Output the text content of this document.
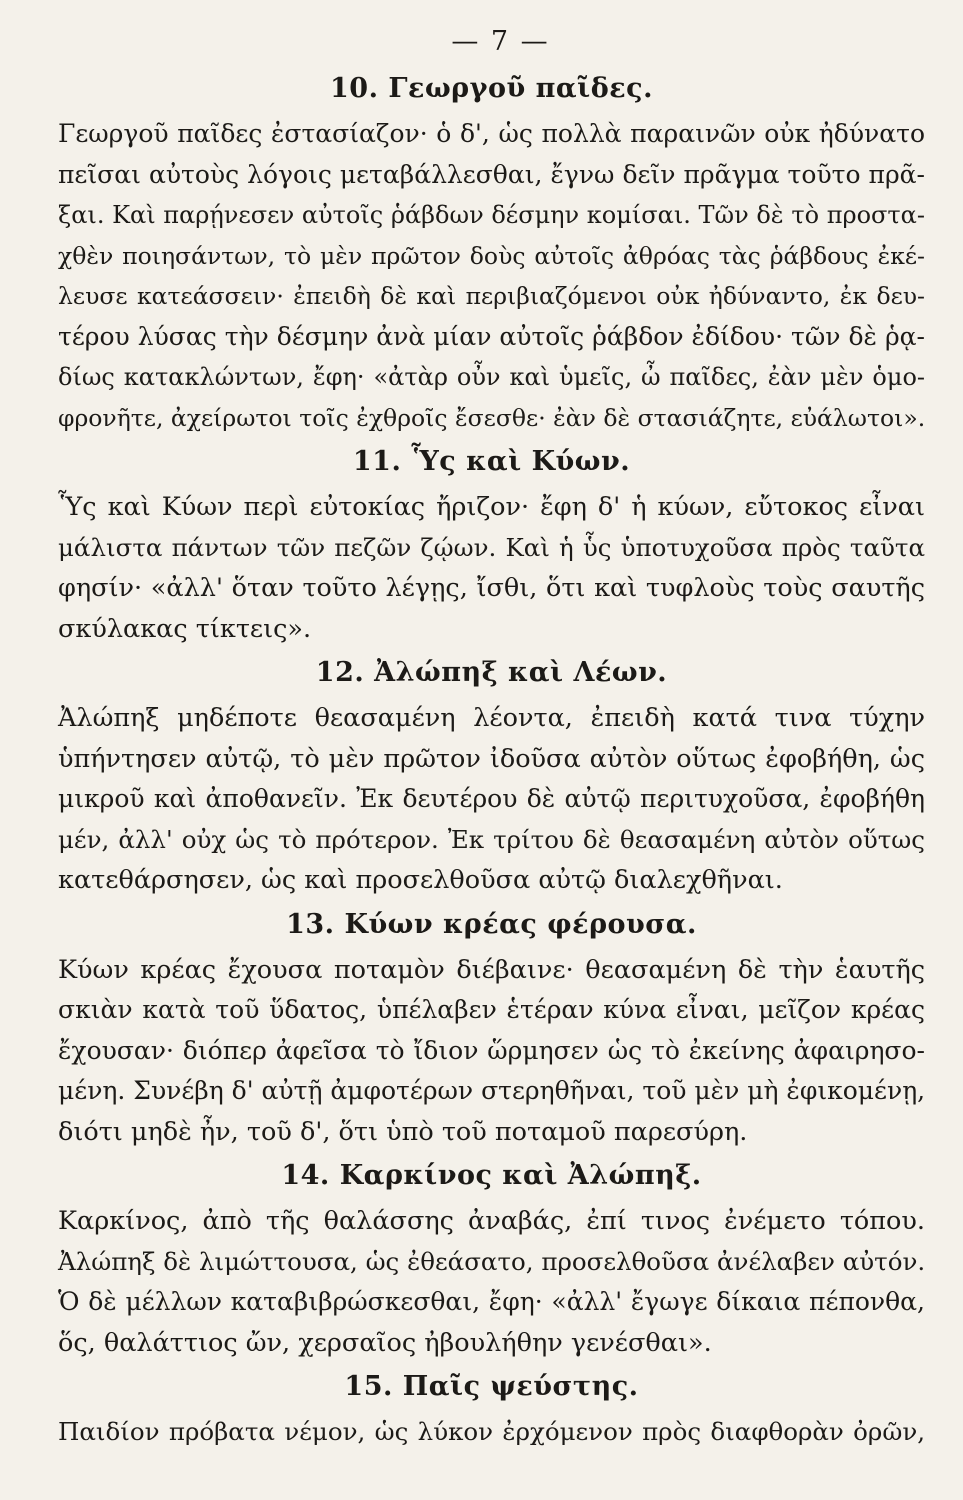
— 7 —
10. Γεωργοῦ παῖδες.
Γεωργοῦ παῖδες ἐστασίαζον· ὁ δ', ὡς πολλὰ παραινῶν οὐκ ἠδύνατο
πεῖσαι αὐτοὺς λόγοις μεταβάλλεσθαι, ἔγνω δεῖν πρᾶγμα τοῦτο πρᾶ-
ξαι. Καὶ παρῄνεσεν αὐτοῖς ῥάβδων δέσμην κομίσαι. Τῶν δὲ τὸ προστα-
χθὲν ποιησάντων, τὸ μὲν πρῶτον δοὺς αὐτοῖς ἀθρόας τὰς ῥάβδους ἐκέ-
λευσε κατεάσσειν· ἐπειδὴ δὲ καὶ περιβιαζόμενοι οὐκ ἠδύναντο, ἐκ δευ-
τέρου λύσας τὴν δέσμην ἀνὰ μίαν αὐτοῖς ῥάβδον ἐδίδου· τῶν δὲ ῥᾳ-
δίως κατακλώντων, ἔφη· «ἀτὰρ οὖν καὶ ὑμεῖς, ὦ παῖδες, ἐὰν μὲν ὁμο-
φρονῆτε, ἀχείρωτοι τοῖς ἐχθροῖς ἔσεσθε· ἐὰν δὲ στασιάζητε, εὐάλωτοι».
11. Ὗς καὶ Κύων.
Ὗς καὶ Κύων περὶ εὐτοκίας ἤριζον· ἔφη δ' ἡ κύων, εὔτοκος εἶναι
μάλιστα πάντων τῶν πεζῶν ζῴων. Καὶ ἡ ὗς ὑποτυχοῦσα πρὸς ταῦτα
φησίν· «ἀλλ' ὅταν τοῦτο λέγῃς, ἴσθι, ὅτι καὶ τυφλοὺς τοὺς σαυτῆς
σκύλακας τίκτεις».
12. Ἀλώπηξ καὶ Λέων.
Ἀλώπηξ μηδέποτε θεασαμένη λέοντα, ἐπειδὴ κατά τινα τύχην
ὑπήντησεν αὐτῷ, τὸ μὲν πρῶτον ἰδοῦσα αὐτὸν οὕτως ἐφοβήθη, ὡς
μικροῦ καὶ ἀποθανεῖν. Ἐκ δευτέρου δὲ αὐτῷ περιτυχοῦσα, ἐφοβήθη
μέν, ἀλλ' οὐχ ὡς τὸ πρότερον. Ἐκ τρίτου δὲ θεασαμένη αὐτὸν οὕτως
κατεθάρσησεν, ὡς καὶ προσελθοῦσα αὐτῷ διαλεχθῆναι.
13. Κύων κρέας φέρουσα.
Κύων κρέας ἔχουσα ποταμὸν διέβαινε· θεασαμένη δὲ τὴν ἑαυτῆς
σκιὰν κατὰ τοῦ ὕδατος, ὑπέλαβεν ἑτέραν κύνα εἶναι, μεῖζον κρέας
ἔχουσαν· διόπερ ἀφεῖσα τὸ ἴδιον ὥρμησεν ὡς τὸ ἐκείνης ἀφαιρησο-
μένη. Συνέβη δ' αὐτῇ ἀμφοτέρων στερηθῆναι, τοῦ μὲν μὴ ἐφικομένῃ,
διότι μηδὲ ἦν, τοῦ δ', ὅτι ὑπὸ τοῦ ποταμοῦ παρεσύρη.
14. Καρκίνος καὶ Ἀλώπηξ.
Καρκίνος, ἀπὸ τῆς θαλάσσης ἀναβάς, ἐπί τινος ἐνέμετο τόπου.
Ἀλώπηξ δὲ λιμώττουσα, ὡς ἐθεάσατο, προσελθοῦσα ἀνέλαβεν αὐτόν.
Ὁ δὲ μέλλων καταβιβρώσκεσθαι, ἔφη· «ἀλλ' ἔγωγε δίκαια πέπονθα,
ὅς, θαλάττιος ὤν, χερσαῖος ἠβουλήθην γενέσθαι».
15. Παῖς ψεύστης.
Παιδίον πρόβατα νέμον, ὡς λύκον ἐρχόμενον πρὸς διαφθορὰν ὀρῶν,
